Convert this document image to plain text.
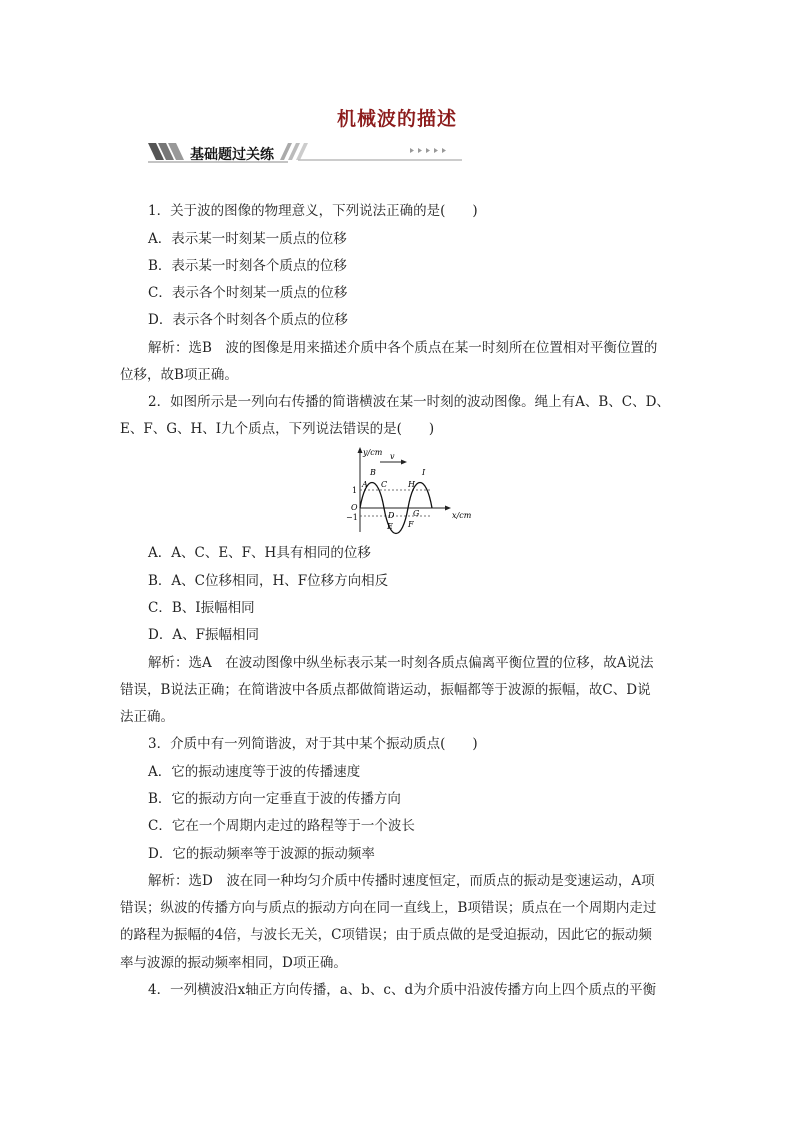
机械波的描述
基础题过关练
1．关于波的图像的物理意义，下列说法正确的是(　　)
A．表示某一时刻某一质点的位移
B．表示某一时刻各个质点的位移
C．表示各个时刻某一质点的位移
D．表示各个时刻各个质点的位移
解析：选B　波的图像是用来描述介质中各个质点在某一时刻所在位置相对平衡位置的
位移，故B项正确。
2．如图所示是一列向右传播的简谐横波在某一时刻的波动图像。绳上有A、B、C、D、
E、F、G、H、I九个质点，下列说法错误的是(　　)
y/cm v
x/cm
1
−1
O
A
B
C
D
E F
G
H
I
A．A、C、E、F、H具有相同的位移
B．A、C位移相同，H、F位移方向相反
C．B、I振幅相同
D．A、F振幅相同
解析：选A　在波动图像中纵坐标表示某一时刻各质点偏离平衡位置的位移，故A说法
错误，B说法正确；在简谐波中各质点都做简谐运动，振幅都等于波源的振幅，故C、D说
法正确。
3．介质中有一列简谐波，对于其中某个振动质点(　　)
A．它的振动速度等于波的传播速度
B．它的振动方向一定垂直于波的传播方向
C．它在一个周期内走过的路程等于一个波长
D．它的振动频率等于波源的振动频率
解析：选D　波在同一种均匀介质中传播时速度恒定，而质点的振动是变速运动，A项
错误；纵波的传播方向与质点的振动方向在同一直线上，B项错误；质点在一个周期内走过
的路程为振幅的4倍，与波长无关，C项错误；由于质点做的是受迫振动，因此它的振动频
率与波源的振动频率相同，D项正确。
4．一列横波沿x轴正方向传播，a、b、c、d为介质中沿波传播方向上四个质点的平衡
